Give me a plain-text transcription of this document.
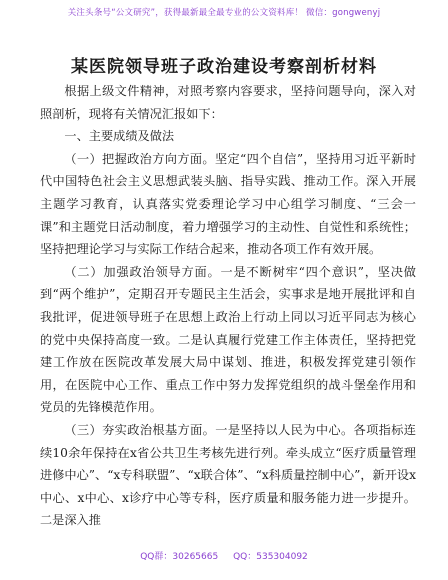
关注头条号“公文研究”，获得最新最全最专业的公文资料库！ 微信：gongwenyj
某医院领导班子政治建设考察剖析材料

根据上级文件精神，对照考察内容要求，坚持问题导向，深入对照剖析，现将有关情况汇报如下：

一、主要成绩及做法

（一）把握政治方向方面。坚定“四个自信”，坚持用习近平新时代中国特色社会主义思想武装头脑、指导实践、推动工作。深入开展主题学习教育，认真落实党委理论学习中心组学习制度、“三会一课”和主题党日活动制度，着力增强学习的主动性、自觉性和系统性；坚持把理论学习与实际工作结合起来，推动各项工作有效开展。

（二）加强政治领导方面。一是不断树牢“四个意识”，坚决做到“两个维护”，定期召开专题民主生活会，实事求是地开展批评和自我批评，促进领导班子在思想上政治上行动上同以习近平同志为核心的党中央保持高度一致。二是认真履行党建工作主体责任，坚持把党建工作放在医院改革发展大局中谋划、推进，积极发挥党建引领作用，在医院中心工作、重点工作中努力发挥党组织的战斗堡垒作用和党员的先锋模范作用。

（三）夯实政治根基方面。一是坚持以人民为中心。各项指标连续10余年保持在x省公共卫生考核先进行列。牵头成立“医疗质量管理进修中心”、“x专科联盟”、“x联合体”、“x科质量控制中心”，新开设x中心、x中心、x诊疗中心等专科，医疗质量和服务能力进一步提升。二是深入推

QQ群：30265665 QQ：535304092
